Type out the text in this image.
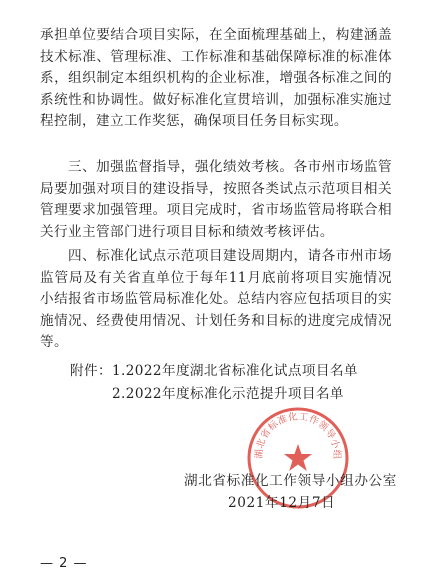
承担单位要结合项目实际，在全面梳理基础上，构建涵盖技术标准、管理标准、工作标准和基础保障标准的标准体系，组织制定本组织机构的企业标准，增强各标准之间的系统性和协调性。做好标准化宣贯培训，加强标准实施过程控制，建立工作奖惩，确保项目任务目标实现。

三、加强监督指导，强化绩效考核。各市州市场监管局要加强对项目的建设指导，按照各类试点示范项目相关管理要求加强管理。项目完成时，省市场监管局将联合相关行业主管部门进行项目目标和绩效考核评估。

四、标准化试点示范项目建设周期内，请各市州市场监管局及有关省直单位于每年11月底前将项目实施情况小结报省市场监管局标准化处。总结内容应包括项目的实施情况、经费使用情况、计划任务和目标的进度完成情况等。

附件：1.2022年度湖北省标准化试点项目名单

2.2022年度标准化示范提升项目名单

湖北省标准化工作领导小组

湖北省标准化工作领导小组办公室

2021年12月7日

— 2 —
